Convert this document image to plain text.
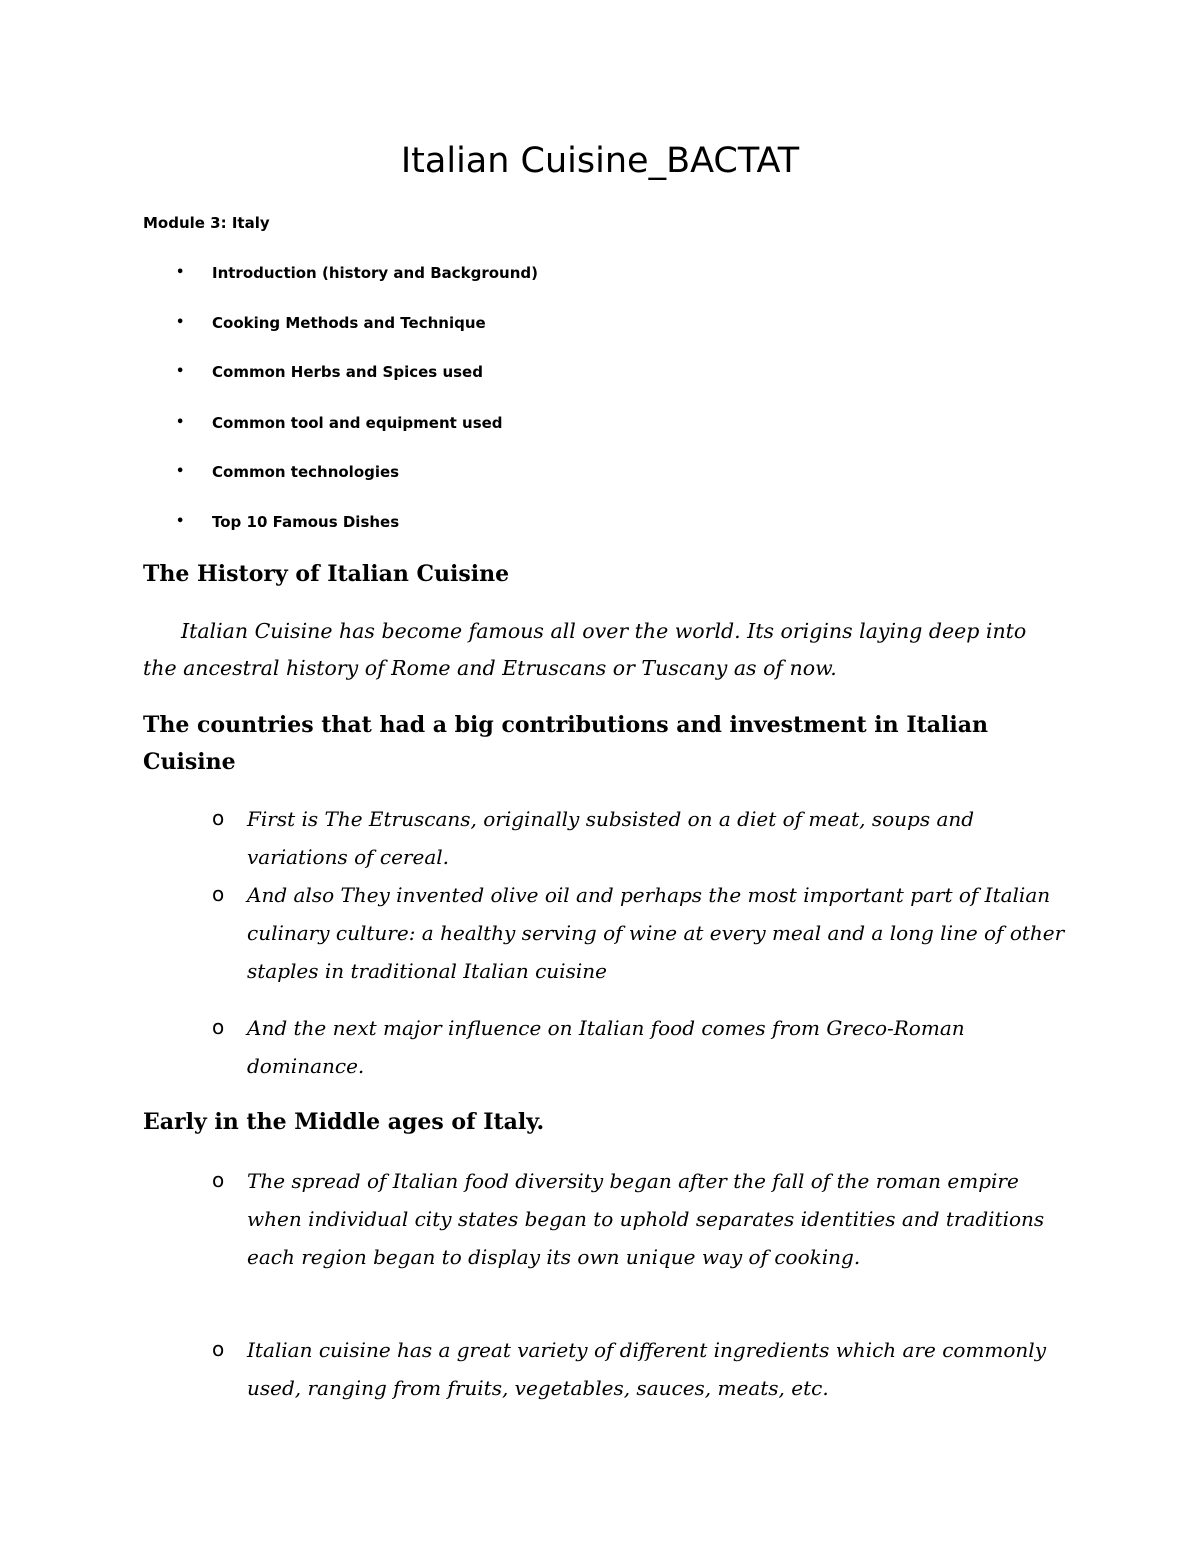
Italian Cuisine_BACTAT

Module 3: Italy

•	Introduction (history and Background)
•	Cooking Methods and Technique
•	Common Herbs and Spices used
•	Common tool and equipment used
•	Common technologies
•	Top 10 Famous Dishes
The History of Italian Cuisine

Italian Cuisine has become famous all over the world. Its origins laying deep into the ancestral history of Rome and Etruscans or Tuscany as of now.

The countries that had a big contributions and investment in Italian Cuisine
o First is The Etruscans, originally subsisted on a diet of meat, soups and variations of cereal.
o And also They invented olive oil and perhaps the most important part of Italian culinary culture: a healthy serving of wine at every meal and a long line of other staples in traditional Italian cuisine
o And the next major influence on Italian food comes from Greco-Roman dominance.
Early in the Middle ages of Italy.
o The spread of Italian food diversity began after the fall of the roman empire when individual city states began to uphold separates identities and traditions each region began to display its own unique way of cooking.
o Italian cuisine has a great variety of different ingredients which are commonly used, ranging from fruits, vegetables, sauces, meats, etc.
